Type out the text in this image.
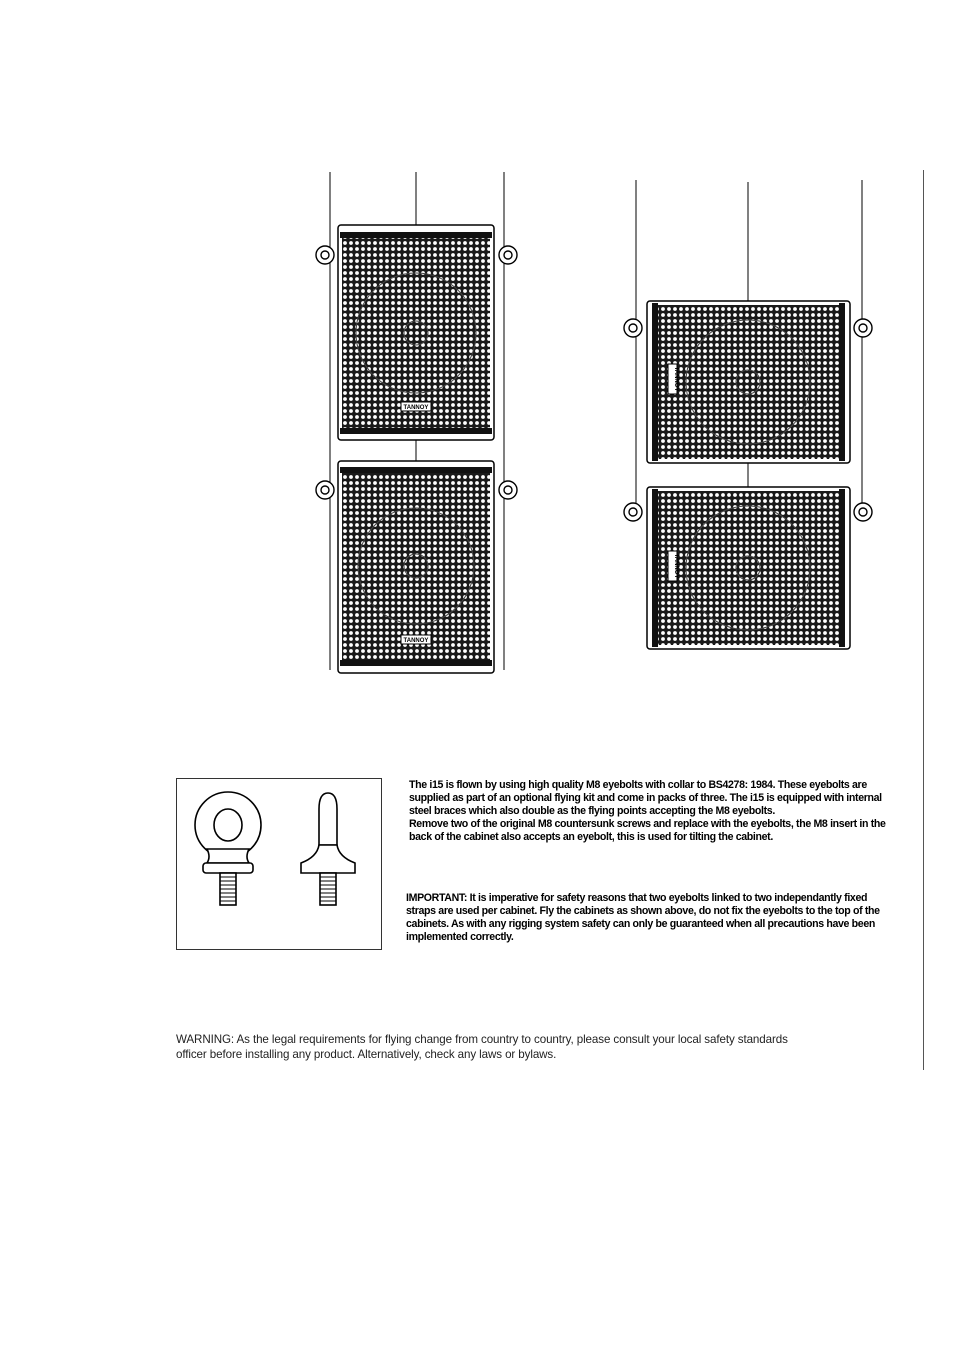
TANNOY
TANNOY
TANNOY
TANNOY
The i15 is flown by using high quality M8 eyebolts with collar to BS4278: 1984. These eyebolts are supplied as part of an optional flying kit and come in packs of three. The i15 is equipped with internal steel braces which also double as the flying points accepting the M8 eyebolts.
Remove two of the original M8 countersunk screws and replace with the eyebolts, the M8 insert in the back of the cabinet also accepts an eyebolt, this is used for tilting the cabinet.
IMPORTANT: It is imperative for safety reasons that two eyebolts linked to two independantly fixed straps are used per cabinet. Fly the cabinets as shown above, do not fix the eyebolts to the top of the cabinets. As with any rigging system safety can only be guaranteed when all precautions have been implemented correctly.
WARNING: As the legal requirements for flying change from country to country, please consult your local safety standards
officer before installing any product. Alternatively, check any laws or bylaws.
